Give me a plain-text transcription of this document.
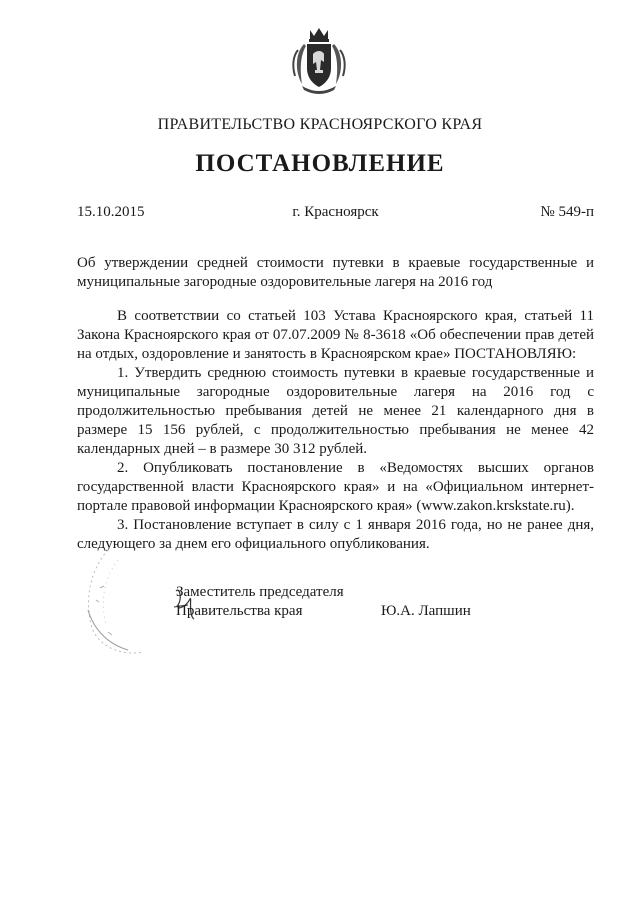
ПРАВИТЕЛЬСТВО КРАСНОЯРСКОГО КРАЯ
ПОСТАНОВЛЕНИЕ
г. Красноярск
15.10.2015	№ 549-п
Об утверждении средней стоимости путевки в краевые государственные и муниципальные загородные оздоровительные лагеря на 2016 год

В соответствии со статьей 103 Устава Красноярского края, статьей 11 Закона Красноярского края от 07.07.2009 № 8-3618 «Об обеспечении прав детей на отдых, оздоровление и занятость в Красноярском крае» ПОСТАНОВЛЯЮ:

1. Утвердить среднюю стоимость путевки в краевые государственные и муниципальные загородные оздоровительные лагеря на 2016 год с продолжительностью пребывания детей не менее 21 календарного дня в размере 15 156 рублей, с продолжительностью пребывания не менее 42 календарных дней – в размере 30 312 рублей.

2. Опубликовать постановление в «Ведомостях высших органов государственной власти Красноярского края» и на «Официальном интернет-портале правовой информации Красноярского края» (www.zakon.krskstate.ru).

3. Постановление вступает в силу с 1 января 2016 года, но не ранее дня, следующего за днем его официального опубликования.

Заместитель председателя
Правительства края	Ю.А. Лапшин
